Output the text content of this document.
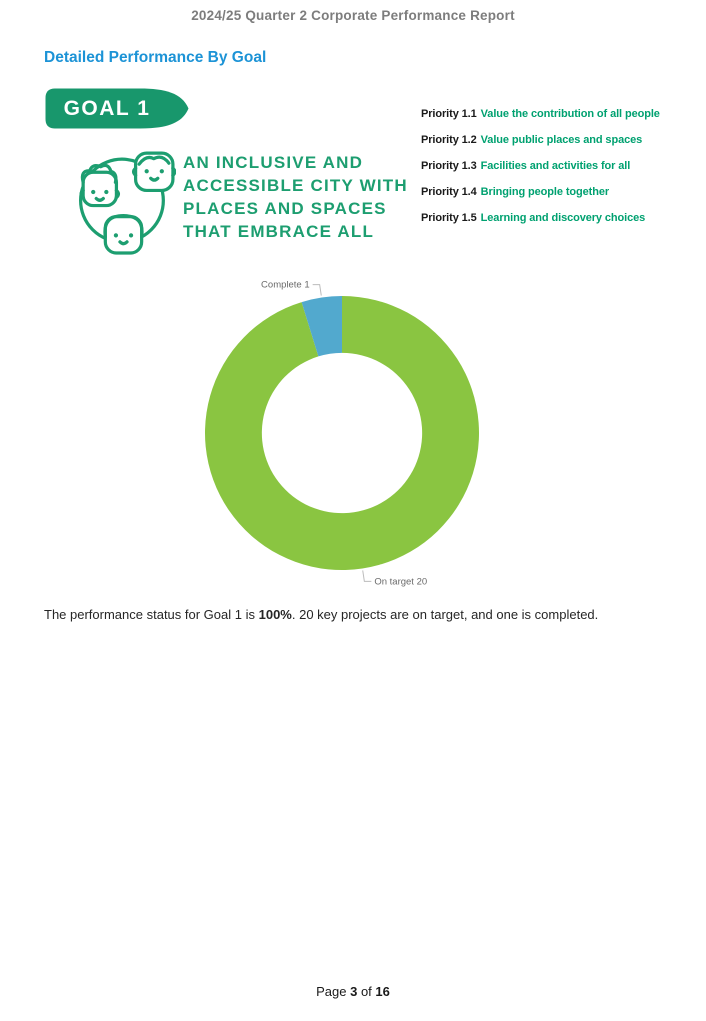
2024/25 Quarter 2 Corporate Performance Report
Detailed Performance By Goal
GOAL 1
AN INCLUSIVE AND
ACCESSIBLE CITY WITH
PLACES AND SPACES
THAT EMBRACE ALL
Priority 1.1 Value the contribution of all people
Priority 1.2 Value public places and spaces
Priority 1.3 Facilities and activities for all
Priority 1.4 Bringing people together
Priority 1.5 Learning and discovery choices
On target 20
Complete 1
The performance status for Goal 1 is 100%. 20 key projects are on target, and one is completed.
Page 3 of 16
